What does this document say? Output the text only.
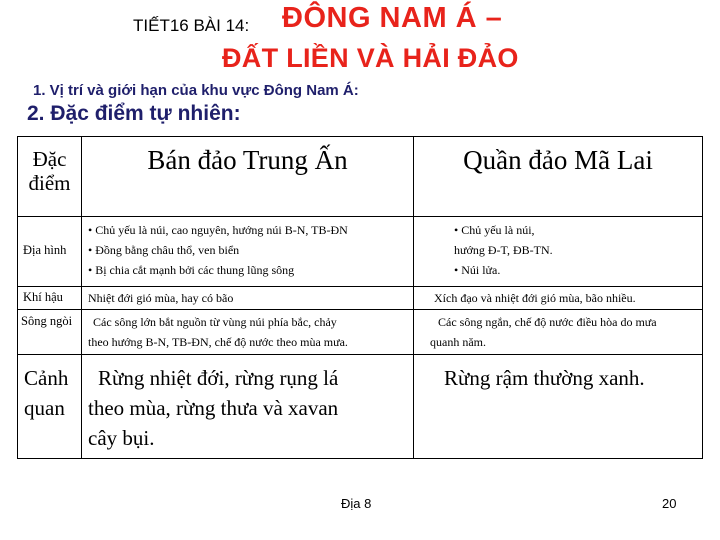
TIẾT16 BÀI 14: ĐÔNG NAM Á –
ĐẤT LIỀN VÀ HẢI ĐẢO
1. Vị trí và giới hạn của khu vực Đông Nam Á:
2. Đặc điểm tự nhiên:
Đặc
điểm	Bán đảo Trung Ấn	Quần đảo Mã Lai

Địa hình	• Chủ yếu là núi, cao nguyên, hướng núi B-N, TB-ĐN
• Đồng bằng châu thổ, ven biển
• Bị chia cắt mạnh bởi các thung lũng sông	• Chủ yếu là núi,
hướng Đ-T, ĐB-TN.
• Núi lửa.

Khí hậu	Nhiệt đới gió mùa, hay có bão	Xích đạo và nhiệt đới gió mùa, bão nhiều.

Sông ngòi	Các sông lớn bắt nguồn từ vùng núi phía bắc, chảy
theo hướng B-N, TB-ĐN, chế độ nước theo mùa mưa.	Các sông ngắn, chế độ nước điều hòa do mưa
quanh năm.

Cảnh
quan	Rừng nhiệt đới, rừng rụng lá
theo mùa, rừng thưa và xavan
cây bụi.	Rừng rậm thường xanh.
Địa 8	20
